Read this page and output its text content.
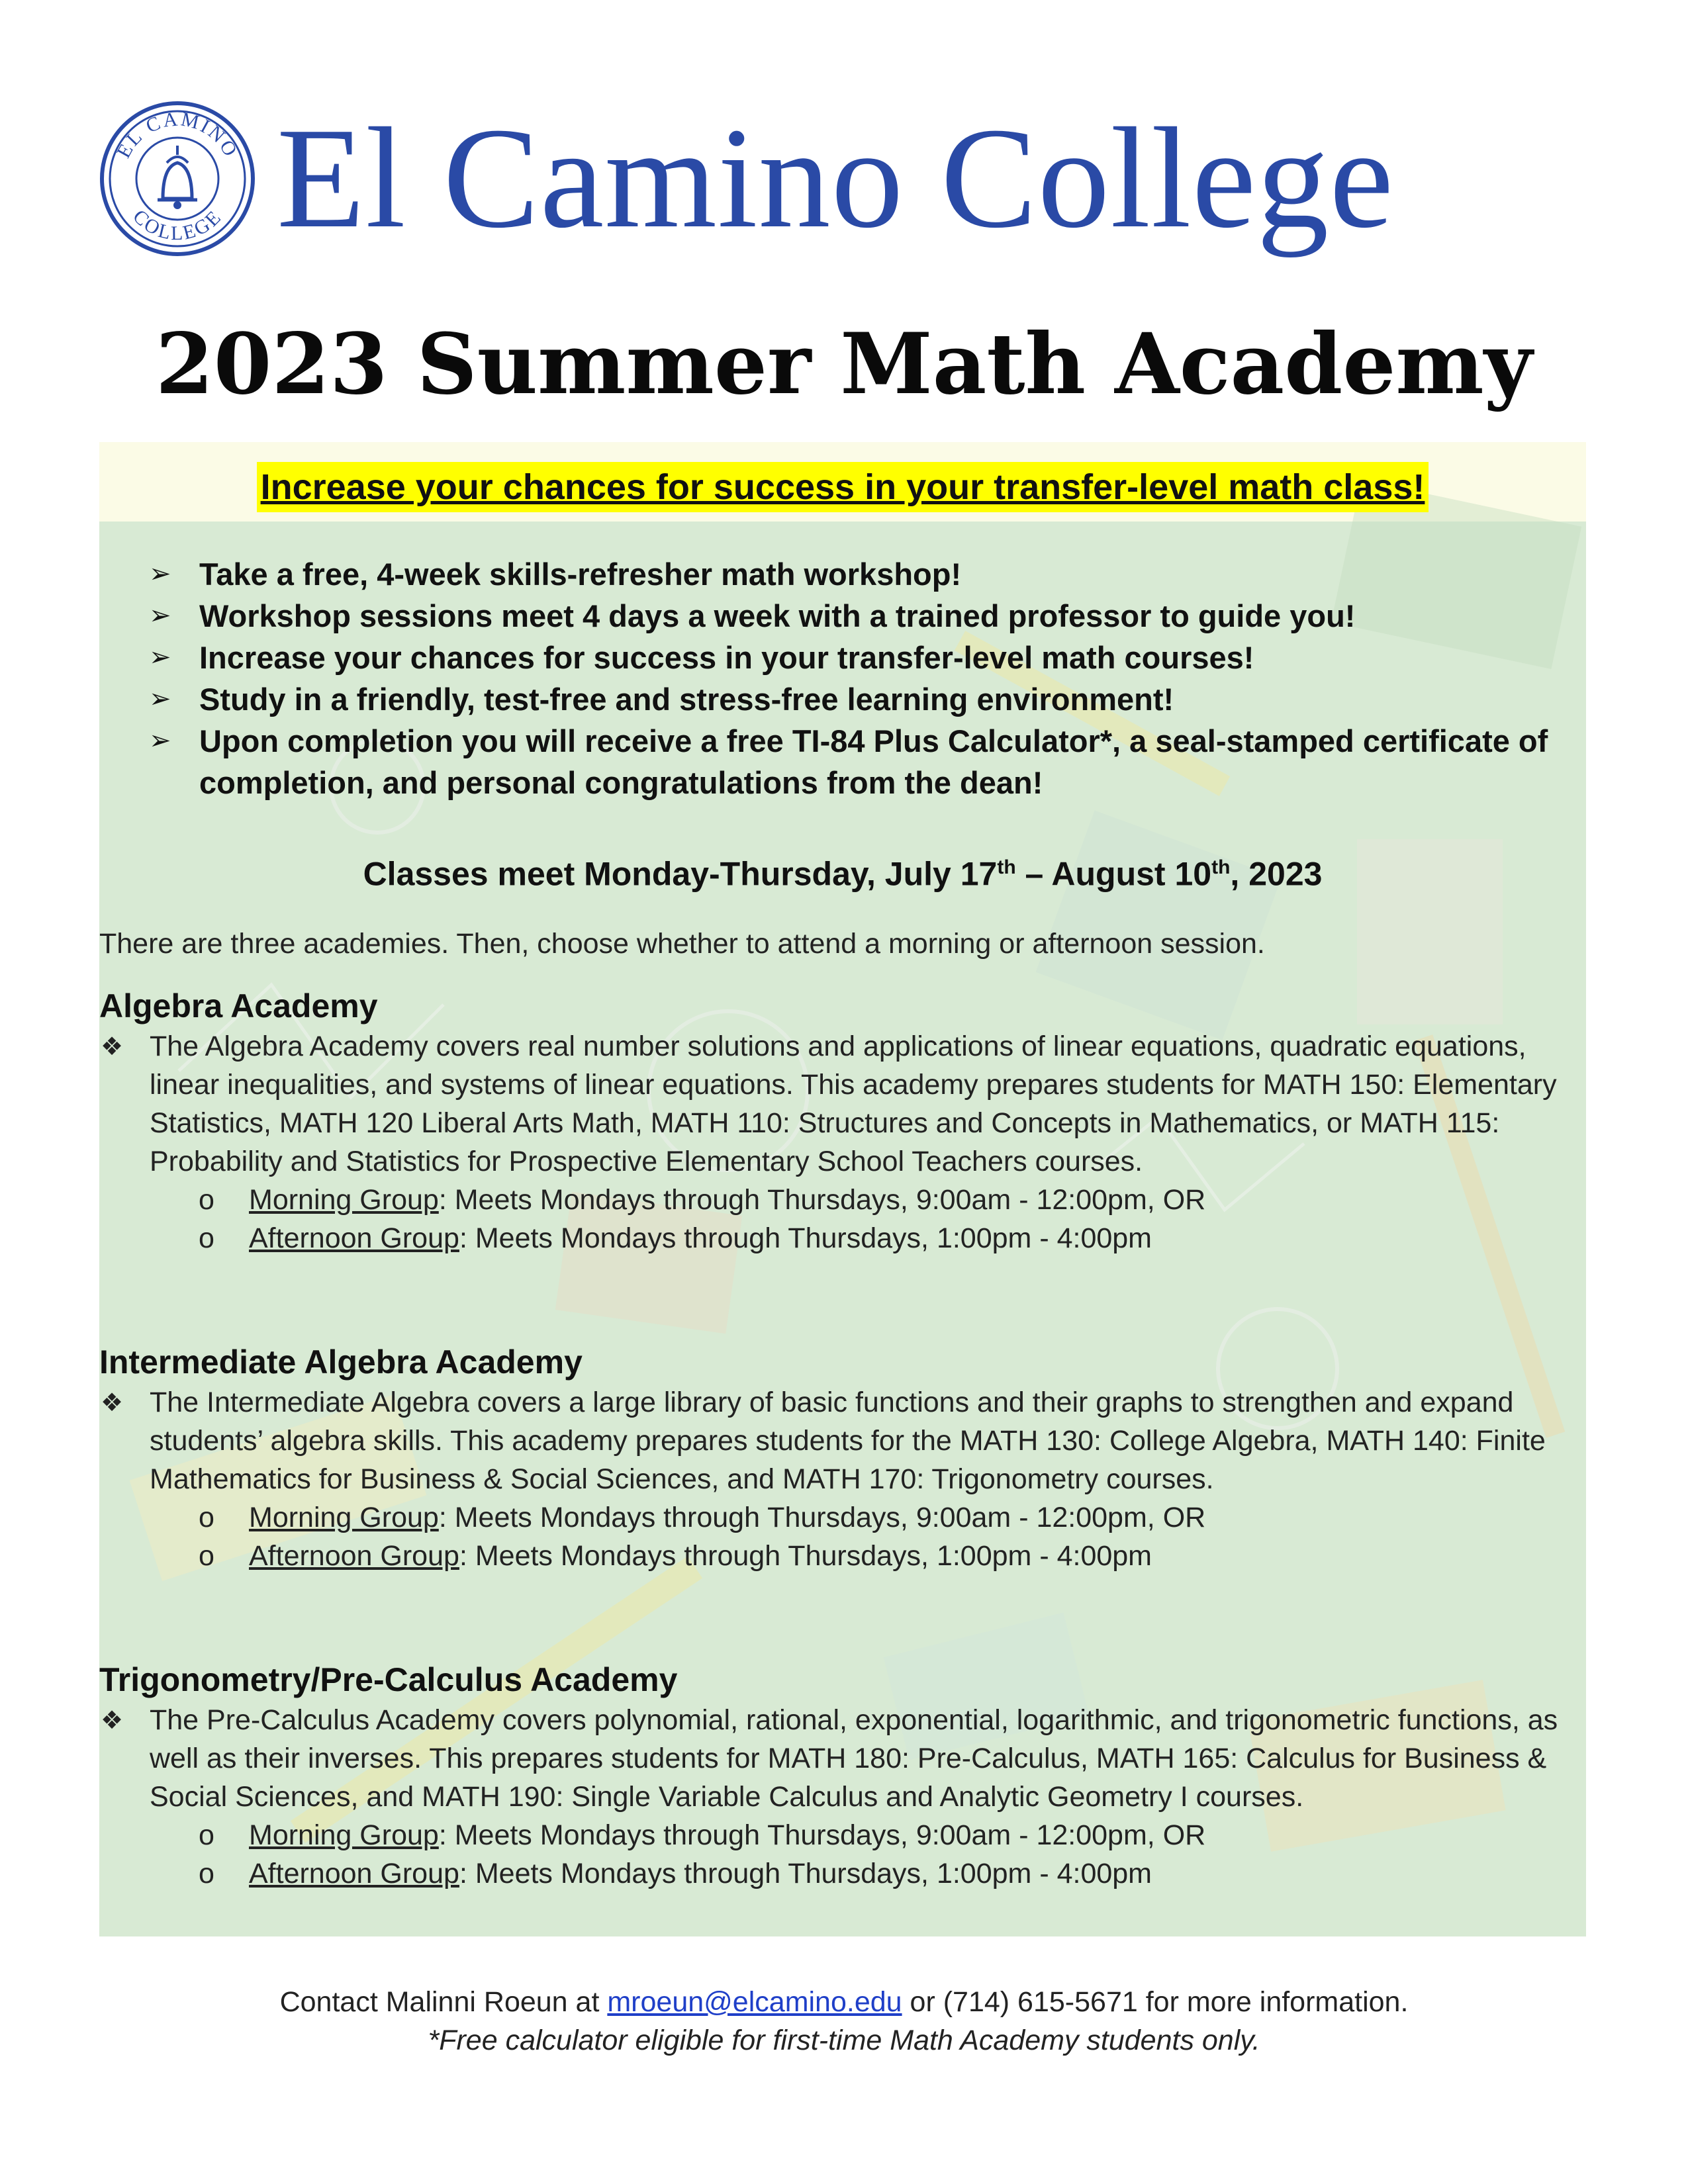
EL CAMINO
COLLEGE El Camino College
2023 Summer Math Academy
Increase your chances for success in your transfer-level math class!
➢ Take a free, 4-week skills-refresher math workshop!
➢ Workshop sessions meet 4 days a week with a trained professor to guide you!
➢ Increase your chances for success in your transfer-level math courses!
➢ Study in a friendly, test-free and stress-free learning environment!
➢ Upon completion you will receive a free TI-84 Plus Calculator*, a seal-stamped certificate of completion, and personal congratulations from the dean!
Classes meet Monday-Thursday, July 17th – August 10th, 2023
There are three academies. Then, choose whether to attend a morning or afternoon session.
Algebra Academy
❖ The Algebra Academy covers real number solutions and applications of linear equations, quadratic equations, linear inequalities, and systems of linear equations. This academy prepares students for MATH 150: Elementary Statistics, MATH 120 Liberal Arts Math, MATH 110: Structures and Concepts in Mathematics, or MATH 115: Probability and Statistics for Prospective Elementary School Teachers courses.
o Morning Group: Meets Mondays through Thursdays, 9:00am - 12:00pm, OR
o Afternoon Group: Meets Mondays through Thursdays, 1:00pm - 4:00pm
Intermediate Algebra Academy
❖ The Intermediate Algebra covers a large library of basic functions and their graphs to strengthen and expand students’ algebra skills. This academy prepares students for the MATH 130: College Algebra, MATH 140: Finite Mathematics for Business & Social Sciences, and MATH 170: Trigonometry courses.
o Morning Group: Meets Mondays through Thursdays, 9:00am - 12:00pm, OR
o Afternoon Group: Meets Mondays through Thursdays, 1:00pm - 4:00pm
Trigonometry/Pre-Calculus Academy
❖ The Pre-Calculus Academy covers polynomial, rational, exponential, logarithmic, and trigonometric functions, as well as their inverses. This prepares students for MATH 180: Pre-Calculus, MATH 165: Calculus for Business & Social Sciences, and MATH 190: Single Variable Calculus and Analytic Geometry I courses.
o Morning Group: Meets Mondays through Thursdays, 9:00am - 12:00pm, OR
o Afternoon Group: Meets Mondays through Thursdays, 1:00pm - 4:00pm
Contact Malinni Roeun at mroeun@elcamino.edu or (714) 615-5671 for more information.
*Free calculator eligible for first-time Math Academy students only.
